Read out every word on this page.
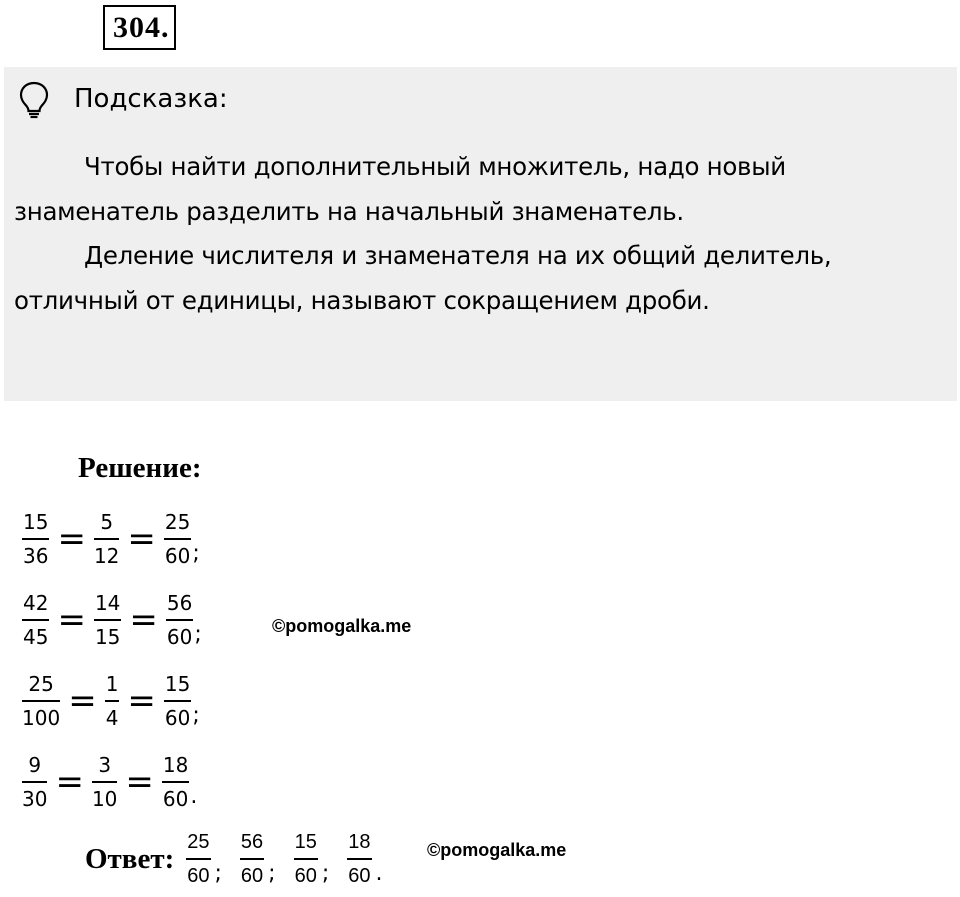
304.
Подсказка:

Чтобы найти дополнительный множитель, надо новый знаменатель разделить на начальный знаменатель.

Деление числителя и знаменателя на их общий делитель, отличный от единицы, называют сокращением дроби.

Решение:
$\frac{15}{36} = \frac{5}{12} = \frac{25}{60}$ ;
$\frac{42}{45} = \frac{14}{15} = \frac{56}{60}$ ;
$\frac{25}{100} = \frac{1}{4} = \frac{15}{60}$ ;
$\frac{9}{30} = \frac{3}{10} = \frac{18}{60}$ .
©pomogalka.me
Ответ: $\frac{25}{60}$ ; $\frac{56}{60}$ ; $\frac{15}{60}$ ; $\frac{18}{60}$ .
©pomogalka.me
